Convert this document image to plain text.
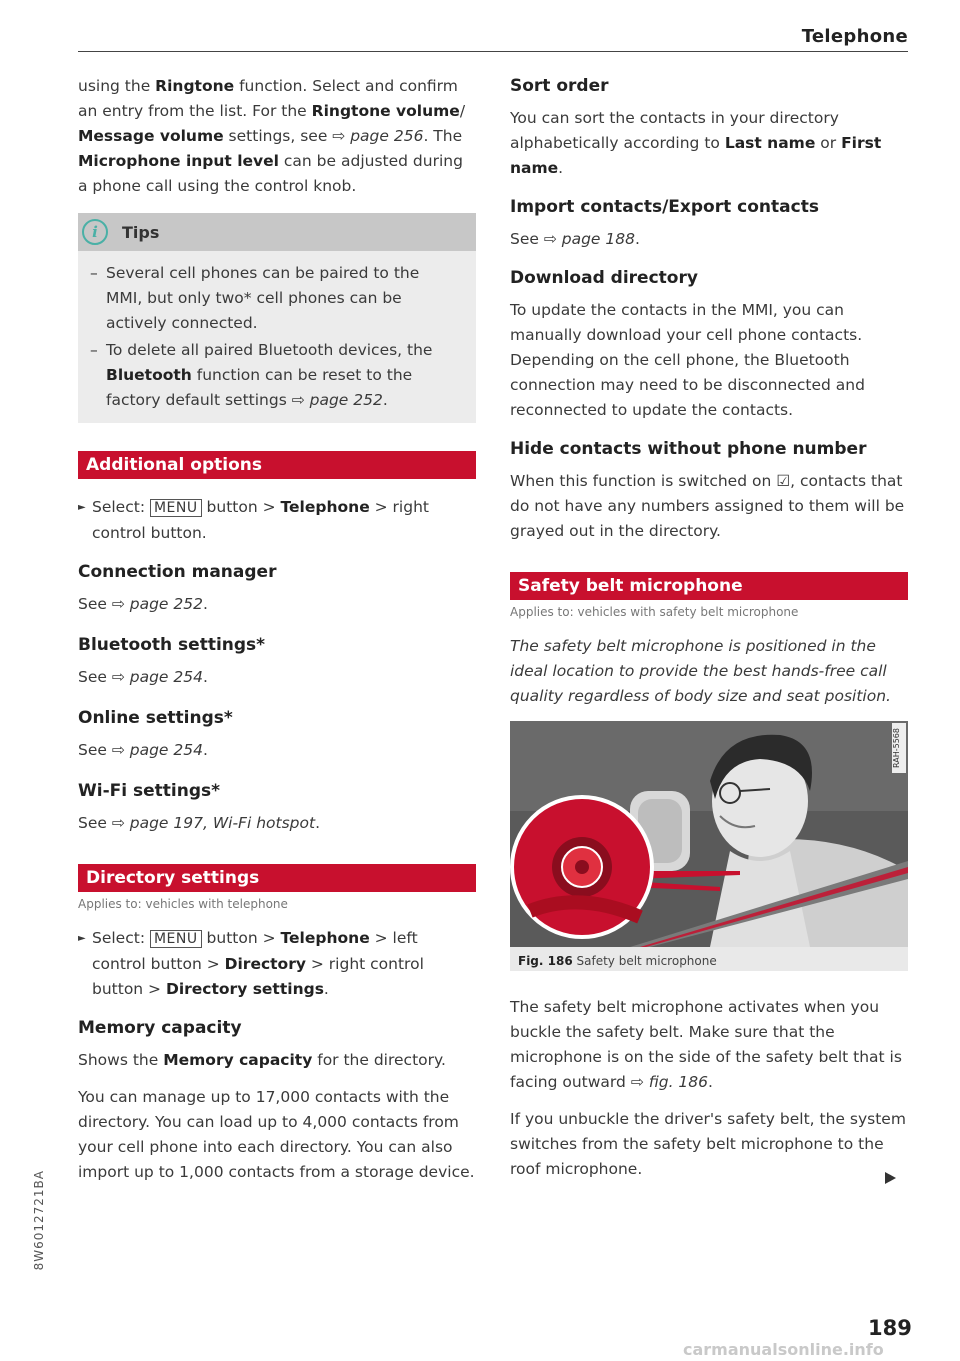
Telephone

using the Ringtone function. Select and confirm an entry from the list. For the Ringtone volume/ Message volume settings, see ⇨ page 256. The Microphone input level can be adjusted during a phone call using the control knob.

i	Tips
– Several cell phones can be paired to the MMI, but only two* cell phones can be actively connected.
– To delete all paired Bluetooth devices, the Bluetooth function can be reset to the factory default settings ⇨ page 252.
Additional options

► Select: MENU button > Telephone > right control button.

Connection manager

See ⇨ page 252.

Bluetooth settings*

See ⇨ page 254.

Online settings*

See ⇨ page 254.

Wi-Fi settings*

See ⇨ page 197, Wi-Fi hotspot.

Directory settings
Applies to: vehicles with telephone

► Select: MENU button > Telephone > left control button > Directory > right control button > Directory settings.

Memory capacity

Shows the Memory capacity for the directory.

You can manage up to 17,000 contacts with the directory. You can load up to 4,000 contacts from your cell phone into each directory. You can also import up to 1,000 contacts from a storage device.

Sort order

You can sort the contacts in your directory alphabetically according to Last name or First name.

Import contacts/Export contacts

See ⇨ page 188.

Download directory

To update the contacts in the MMI, you can manually download your cell phone contacts. Depending on the cell phone, the Bluetooth connection may need to be disconnected and reconnected to update the contacts.

Hide contacts without phone number

When this function is switched on ☑, contacts that do not have any numbers assigned to them will be grayed out in the directory.

Safety belt microphone
Applies to: vehicles with safety belt microphone

The safety belt microphone is positioned in the ideal location to provide the best hands-free call quality regardless of body size and seat position.

RAH-5568
Fig. 186 Safety belt microphone

The safety belt microphone activates when you buckle the safety belt. Make sure that the microphone is on the side of the safety belt that is facing outward ⇨ fig. 186.

If you unbuckle the driver's safety belt, the system switches from the safety belt microphone to the roof microphone.

8W6012721BA
189
carmanualsonline.info
